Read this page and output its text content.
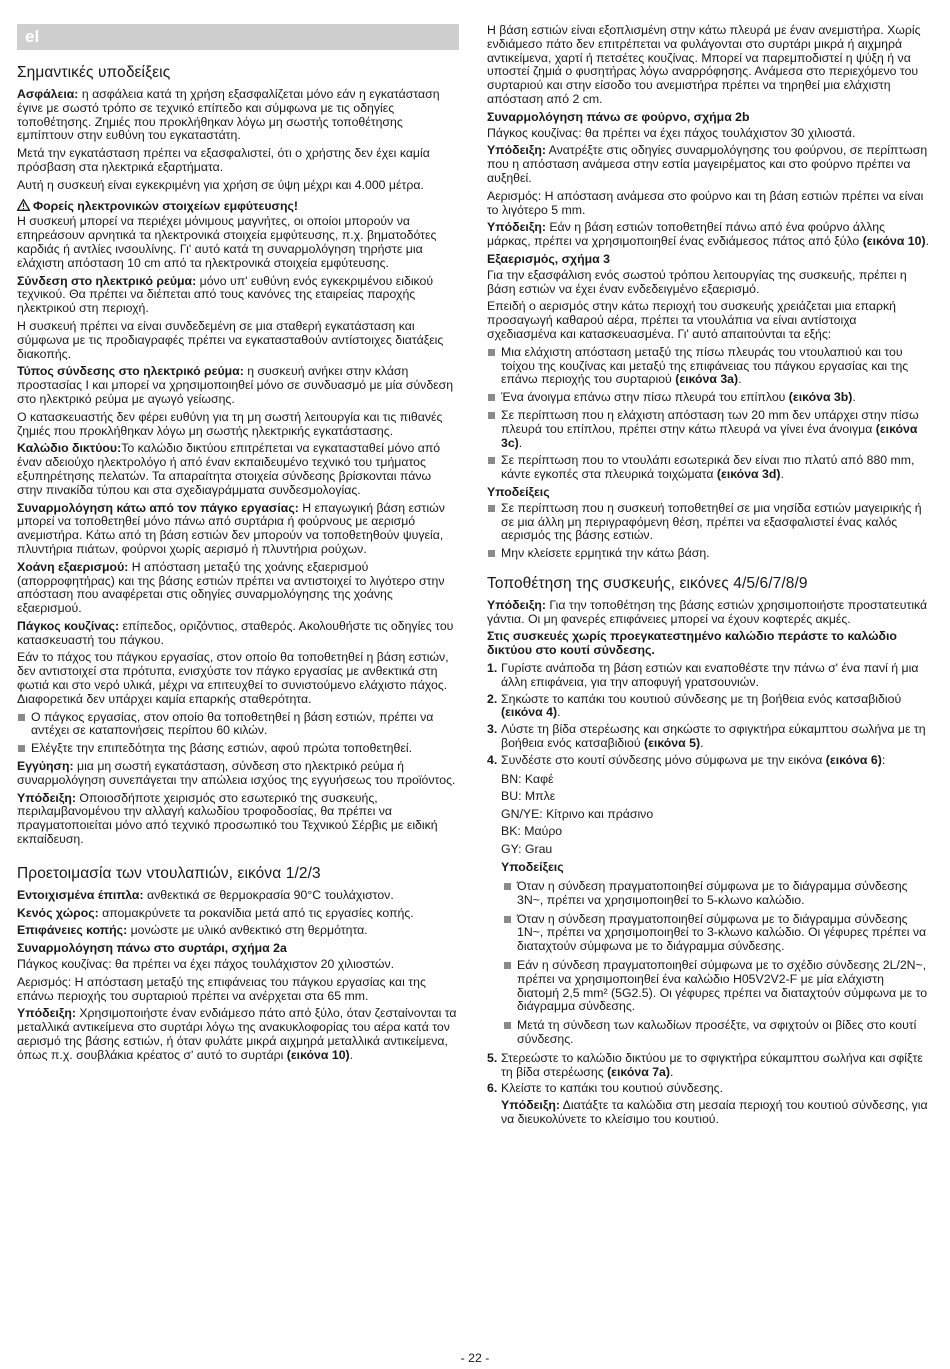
el
Σημαντικές υποδείξεις

Ασφάλεια: η ασφάλεια κατά τη χρήση εξασφαλίζεται μόνο εάν η εγκατάσταση έγινε με σωστό τρόπο σε τεχνικό επίπεδο και σύμφωνα με τις οδηγίες τοποθέτησης. Ζημιές που προκλήθηκαν λόγω μη σωστής τοποθέτησης εμπίπτουν στην ευθύνη του εγκαταστάτη.

Μετά την εγκατάσταση πρέπει να εξασφαλιστεί, ότι ο χρήστης δεν έχει καμία πρόσβαση στα ηλεκτρικά εξαρτήματα.

Αυτή η συσκευή είναι εγκεκριμένη για χρήση σε ύψη μέχρι και 4.000 μέτρα.

Φορείς ηλεκτρονικών στοιχείων εμφύτευσης!

Η συσκευή μπορεί να περιέχει μόνιμους μαγνήτες, οι οποίοι μπορούν να επηρεάσουν αρνητικά τα ηλεκτρονικά στοιχεία εμφύτευσης, π.χ. βηματοδότες καρδιάς ή αντλίες ινσουλίνης. Γι' αυτό κατά τη συναρμολόγηση τηρήστε μια ελάχιστη απόσταση 10 cm από τα ηλεκτρονικά στοιχεία εμφύτευσης.

Σύνδεση στο ηλεκτρικό ρεύμα: μόνο υπ' ευθύνη ενός εγκεκριμένου ειδικού τεχνικού. Θα πρέπει να διέπεται από τους κανόνες της εταιρείας παροχής ηλεκτρικού στη περιοχή.

Η συσκευή πρέπει να είναι συνδεδεμένη σε μια σταθερή εγκατάσταση και σύμφωνα με τις προδιαγραφές πρέπει να εγκατασταθούν αντίστοιχες διατάξεις διακοπής.

Τύπος σύνδεσης στο ηλεκτρικό ρεύμα: η συσκευή ανήκει στην κλάση προστασίας I και μπορεί να χρησιμοποιηθεί μόνο σε συνδυασμό με μία σύνδεση στο ηλεκτρικό ρεύμα με αγωγό γείωσης.

Ο κατασκευαστής δεν φέρει ευθύνη για τη μη σωστή λειτουργία και τις πιθανές ζημιές που προκλήθηκαν λόγω μη σωστής ηλεκτρικής εγκατάστασης.

Καλώδιο δικτύου:Το καλώδιο δικτύου επιτρέπεται να εγκατασταθεί μόνο από έναν αδειούχο ηλεκτρολόγο ή από έναν εκπαιδευμένο τεχνικό του τμήματος εξυπηρέτησης πελατών. Τα απαραίτητα στοιχεία σύνδεσης βρίσκονται πάνω στην πινακίδα τύπου και στα σχεδιαγράμματα συνδεσμολογίας.

Συναρμολόγηση κάτω από τον πάγκο εργασίας: Η επαγωγική βάση εστιών μπορεί να τοποθετηθεί μόνο πάνω από συρτάρια ή φούρνους με αερισμό ανεμιστήρα. Κάτω από τη βάση εστιών δεν μπορούν να τοποθετηθούν ψυγεία, πλυντήρια πιάτων, φούρνοι χωρίς αερισμό ή πλυντήρια ρούχων.

Χοάνη εξαερισμού: Η απόσταση μεταξύ της χοάνης εξαερισμού (απορροφητήρας) και της βάσης εστιών πρέπει να αντιστοιχεί το λιγότερο στην απόσταση που αναφέρεται στις οδηγίες συναρμολόγησης της χοάνης εξαερισμού.

Πάγκος κουζίνας: επίπεδος, οριζόντιος, σταθερός. Ακολουθήστε τις οδηγίες του κατασκευαστή του πάγκου.

Εάν το πάχος του πάγκου εργασίας, στον οποίο θα τοποθετηθεί η βάση εστιών, δεν αντιστοιχεί στα πρότυπα, ενισχύστε τον πάγκο εργασίας με ανθεκτικά στη φωτιά και στο νερό υλικά, μέχρι να επιτευχθεί το συνιστούμενο ελάχιστο πάχος. Διαφορετικά δεν υπάρχει καμία επαρκής σταθερότητα.

Ο πάγκος εργασίας, στον οποίο θα τοποθετηθεί η βάση εστιών, πρέπει να αντέχει σε καταπονήσεις περίπου 60 κιλών.
Ελέγξτε την επιπεδότητα της βάσης εστιών, αφού πρώτα τοποθετηθεί.

Εγγύηση: μια μη σωστή εγκατάσταση, σύνδεση στο ηλεκτρικό ρεύμα ή συναρμολόγηση συνεπάγεται την απώλεια ισχύος της εγγυήσεως του προϊόντος.

Υπόδειξη: Οποιοσδήποτε χειρισμός στο εσωτερικό της συσκευής, περιλαμβανομένου την αλλαγή καλωδίου τροφοδοσίας, θα πρέπει να πραγματοποιείται μόνο από τεχνικό προσωπικό του Τεχνικού Σέρβις με ειδική εκπαίδευση.

Προετοιμασία των ντουλαπιών, εικόνα 1/2/3

Εντοιχισμένα έπιπλα: ανθεκτικά σε θερμοκρασία 90°C τουλάχιστον.

Κενός χώρος: απομακρύνετε τα ροκανίδια μετά από τις εργασίες κοπής.

Επιφάνειες κοπής: μονώστε με υλικό ανθεκτικό στη θερμότητα.

Συναρμολόγηση πάνω στο συρτάρι, σχήμα 2a

Πάγκος κουζίνας: θα πρέπει να έχει πάχος τουλάχιστον 20 χιλιοστών.

Αερισμός: Η απόσταση μεταξύ της επιφάνειας του πάγκου εργασίας και της επάνω περιοχής του συρταριού πρέπει να ανέρχεται στα 65 mm.

Υπόδειξη: Χρησιμοποιήστε έναν ενδιάμεσο πάτο από ξύλο, όταν ζεσταίνονται τα μεταλλικά αντικείμενα στο συρτάρι λόγω της ανακυκλοφορίας του αέρα κατά τον αερισμό της βάσης εστιών, ή όταν φυλάτε μικρά αιχμηρά μεταλλικά αντικείμενα, όπως π.χ. σουβλάκια κρέατος σ' αυτό το συρτάρι (εικόνα 10).

Η βάση εστιών είναι εξοπλισμένη στην κάτω πλευρά με έναν ανεμιστήρα. Χωρίς ενδιάμεσο πάτο δεν επιτρέπεται να φυλάγονται στο συρτάρι μικρά ή αιχμηρά αντικείμενα, χαρτί ή πετσέτες κουζίνας. Μπορεί να παρεμποδιστεί η ψύξη ή να υποστεί ζημιά ο φυσητήρας λόγω αναρρόφησης. Ανάμεσα στο περιεχόμενο του συρταριού και στην είσοδο του ανεμιστήρα πρέπει να τηρηθεί μια ελάχιστη απόσταση από 2 cm.

Συναρμολόγηση πάνω σε φούρνο, σχήμα 2b

Πάγκος κουζίνας: θα πρέπει να έχει πάχος τουλάχιστον 30 χιλιοστά.

Υπόδειξη: Ανατρέξτε στις οδηγίες συναρμολόγησης του φούρνου, σε περίπτωση που η απόσταση ανάμεσα στην εστία μαγειρέματος και στο φούρνο πρέπει να αυξηθεί.

Αερισμός: Η απόσταση ανάμεσα στο φούρνο και τη βάση εστιών πρέπει να είναι το λιγότερο 5 mm.

Υπόδειξη: Εάν η βάση εστιών τοποθετηθεί πάνω από ένα φούρνο άλλης μάρκας, πρέπει να χρησιμοποιηθεί ένας ενδιάμεσος πάτος από ξύλο (εικόνα 10).

Εξαερισμός, σχήμα 3

Για την εξασφάλιση ενός σωστού τρόπου λειτουργίας της συσκευής, πρέπει η βάση εστιών να έχει έναν ενδεδειγμένο εξαερισμό.

Επειδή ο αερισμός στην κάτω περιοχή του συσκευής χρειάζεται μια επαρκή προσαγωγή καθαρού αέρα, πρέπει τα ντουλάπια να είναι αντίστοιχα σχεδιασμένα και κατασκευασμένα. Γι' αυτό απαιτούνται τα εξής:

Μια ελάχιστη απόσταση μεταξύ της πίσω πλευράς του ντουλαπιού και του τοίχου της κουζίνας και μεταξύ της επιφάνειας του πάγκου εργασίας και της επάνω περιοχής του συρταριού (εικόνα 3a).
Ένα άνοιγμα επάνω στην πίσω πλευρά του επίπλου (εικόνα 3b).
Σε περίπτωση που η ελάχιστη απόσταση των 20 mm δεν υπάρχει στην πίσω πλευρά του επίπλου, πρέπει στην κάτω πλευρά να γίνει ένα άνοιγμα (εικόνα 3c).
Σε περίπτωση που το ντουλάπι εσωτερικά δεν είναι πιο πλατύ από 880 mm, κάντε εγκοπές στα πλευρικά τοιχώματα (εικόνα 3d).
Υποδείξεις
Σε περίπτωση που η συσκευή τοποθετηθεί σε μια νησίδα εστιών μαγειρικής ή σε μια άλλη μη περιγραφόμενη θέση, πρέπει να εξασφαλιστεί ένας καλός αερισμός της βάσης εστιών.
Μην κλείσετε ερμητικά την κάτω βάση.
Τοποθέτηση της συσκευής, εικόνες 4/5/6/7/8/9

Υπόδειξη: Για την τοποθέτηση της βάσης εστιών χρησιμοποιήστε προστατευτικά γάντια. Οι μη φανερές επιφάνειες μπορεί να έχουν κοφτερές ακμές.

Στις συσκευές χωρίς προεγκατεστημένο καλώδιο περάστε το καλώδιο δικτύου στο κουτί σύνδεσης.

1. Γυρίστε ανάποδα τη βάση εστιών και εναποθέστε την πάνω σ' ένα πανί ή μια άλλη επιφάνεια, για την αποφυγή γρατσουνιών.
2. Σηκώστε το καπάκι του κουτιού σύνδεσης με τη βοήθεια ενός κατσαβιδιού (εικόνα 4).
3. Λύστε τη βίδα στερέωσης και σηκώστε το σφιγκτήρα εύκαμπτου σωλήνα με τη βοήθεια ενός κατσαβιδιού (εικόνα 5).
4. Συνδέστε στο κουτί σύνδεσης μόνο σύμφωνα με την εικόνα (εικόνα 6):
BN: Καφέ
BU: Μπλε
GN/YE: Κίτρινο και πράσινο
BK: Μαύρο
GY: Grau
Υποδείξεις
Όταν η σύνδεση πραγματοποιηθεί σύμφωνα με το διάγραμμα σύνδεσης 3N~, πρέπει να χρησιμοποιηθεί το 5-κλωνο καλώδιο.
Όταν η σύνδεση πραγματοποιηθεί σύμφωνα με το διάγραμμα σύνδεσης 1N~, πρέπει να χρησιμοποιηθεί το 3-κλωνο καλώδιο. Οι γέφυρες πρέπει να διαταχτούν σύμφωνα με το διάγραμμα σύνδεσης.
Εάν η σύνδεση πραγματοποιηθεί σύμφωνα με το σχέδιο σύνδεσης 2L/2N~, πρέπει να χρησιμοποιηθεί ένα καλώδιο H05V2V2-F με μία ελάχιστη διατομή 2,5 mm² (5G2.5). Οι γέφυρες πρέπει να διαταχτούν σύμφωνα με το διάγραμμα σύνδεσης.
Μετά τη σύνδεση των καλωδίων προσέξτε, να σφιχτούν οι βίδες στο κουτί σύνδεσης.
5. Στερεώστε το καλώδιο δικτύου με το σφιγκτήρα εύκαμπτου σωλήνα και σφίξτε τη βίδα στερέωσης (εικόνα 7a).
6. Κλείστε το καπάκι του κουτιού σύνδεσης.

Υπόδειξη: Διατάξτε τα καλώδια στη μεσαία περιοχή του κουτιού σύνδεσης, για να διευκολύνετε το κλείσιμο του κουτιού.

- 22 -
